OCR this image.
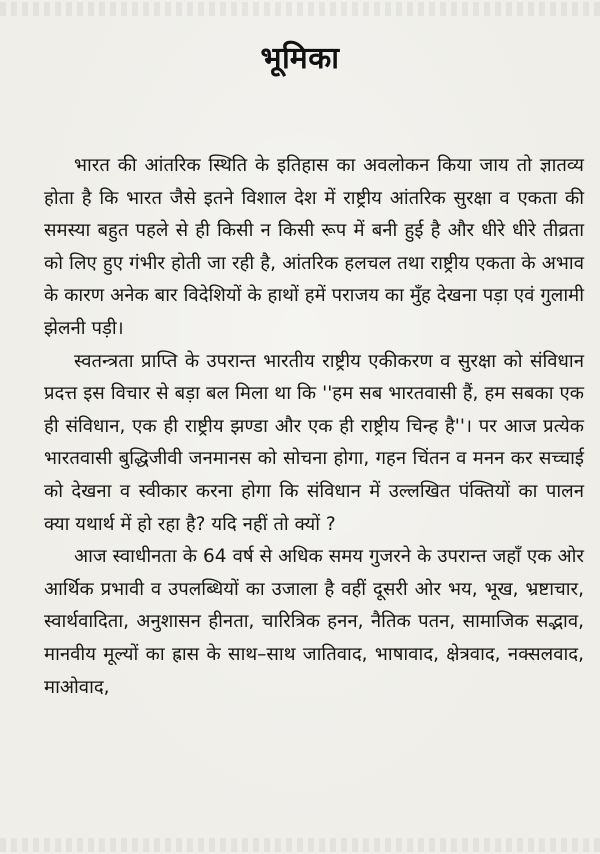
भूमिका

भारत की आंतरिक स्थिति के इतिहास का अवलोकन किया जाय तो ज्ञातव्य होता है कि भारत जैसे इतने विशाल देश में राष्ट्रीय आंतरिक सुरक्षा व एकता की समस्या बहुत पहले से ही किसी न किसी रूप में बनी हुई है और धीरे धीरे तीव्रता को लिए हुए गंभीर होती जा रही है, आंतरिक हलचल तथा राष्ट्रीय एकता के अभाव के कारण अनेक बार विदेशियों के हाथों हमें पराजय का मुँह देखना पड़ा एवं गुलामी झेलनी पड़ी।

स्वतन्त्रता प्राप्ति के उपरान्त भारतीय राष्ट्रीय एकीकरण व सुरक्षा को संविधान प्रदत्त इस विचार से बड़ा बल मिला था कि ''हम सब भारतवासी हैं, हम सबका एक ही संविधान, एक ही राष्ट्रीय झण्डा और एक ही राष्ट्रीय चिन्ह है''। पर आज प्रत्येक भारतवासी बुद्धिजीवी जनमानस को सोचना होगा, गहन चिंतन व मनन कर सच्चाई को देखना व स्वीकार करना होगा कि संविधान में उल्लखित पंक्तियों का पालन क्या यथार्थ में हो रहा है? यदि नहीं तो क्यों ?

आज स्वाधीनता के 64 वर्ष से अधिक समय गुजरने के उपरान्त जहाँ एक ओर आर्थिक प्रभावी व उपलब्धियों का उजाला है वहीं दूसरी ओर भय, भूख, भ्रष्टाचार, स्वार्थवादिता, अनुशासन हीनता, चारित्रिक हनन, नैतिक पतन, सामाजिक सद्भाव, मानवीय मूल्यों का ह्रास के साथ–साथ जातिवाद, भाषावाद, क्षेत्रवाद, नक्सलवाद, माओवाद,
